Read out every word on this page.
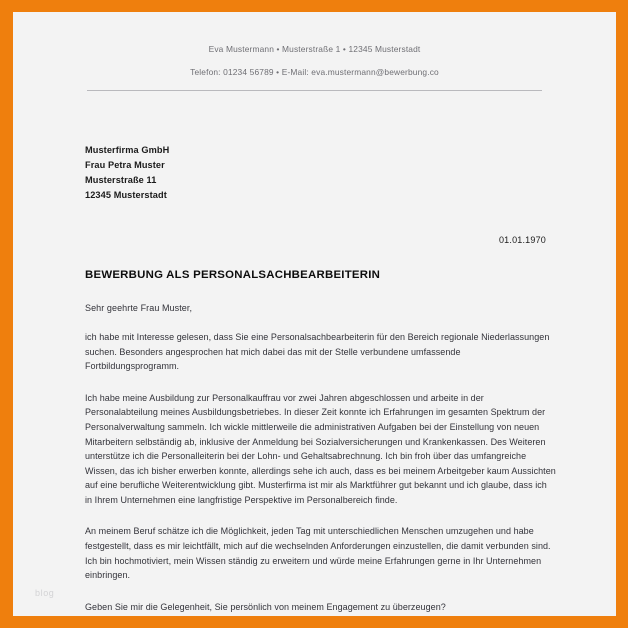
Eva Mustermann • Musterstraße 1 • 12345 Musterstadt
Telefon: 01234 56789 • E-Mail: eva.mustermann@bewerbung.co
Musterfirma GmbH
Frau Petra Muster
Musterstraße 11
12345 Musterstadt
01.01.1970
BEWERBUNG ALS PERSONALSACHBEARBEITERIN
Sehr geehrte Frau Muster,
ich habe mit Interesse gelesen, dass Sie eine Personalsachbearbeiterin für den Bereich regionale Niederlassungen suchen. Besonders angesprochen hat mich dabei das mit der Stelle verbundene umfassende Fortbildungsprogramm.
Ich habe meine Ausbildung zur Personalkauffrau vor zwei Jahren abgeschlossen und arbeite in der Personalabteilung meines Ausbildungsbetriebes. In dieser Zeit konnte ich Erfahrungen im gesamten Spektrum der Personalverwaltung sammeln. Ich wickle mittlerweile die administrativen Aufgaben bei der Einstellung von neuen Mitarbeitern selbständig ab, inklusive der Anmeldung bei Sozialversicherungen und Krankenkassen. Des Weiteren unterstütze ich die Personalleiterin bei der Lohn- und Gehaltsabrechnung. Ich bin froh über das umfangreiche Wissen, das ich bisher erwerben konnte, allerdings sehe ich auch, dass es bei meinem Arbeitgeber kaum Aussichten auf eine berufliche Weiterentwicklung gibt. Musterfirma ist mir als Marktführer gut bekannt und ich glaube, dass ich in Ihrem Unternehmen eine langfristige Perspektive im Personalbereich finde.
An meinem Beruf schätze ich die Möglichkeit, jeden Tag mit unterschiedlichen Menschen umzugehen und habe festgestellt, dass es mir leichtfällt, mich auf die wechselnden Anforderungen einzustellen, die damit verbunden sind.
Ich bin hochmotiviert, mein Wissen ständig zu erweitern und würde meine Erfahrungen gerne in Ihr Unternehmen einbringen.
Geben Sie mir die Gelegenheit, Sie persönlich von meinem Engagement zu überzeugen?
blog
